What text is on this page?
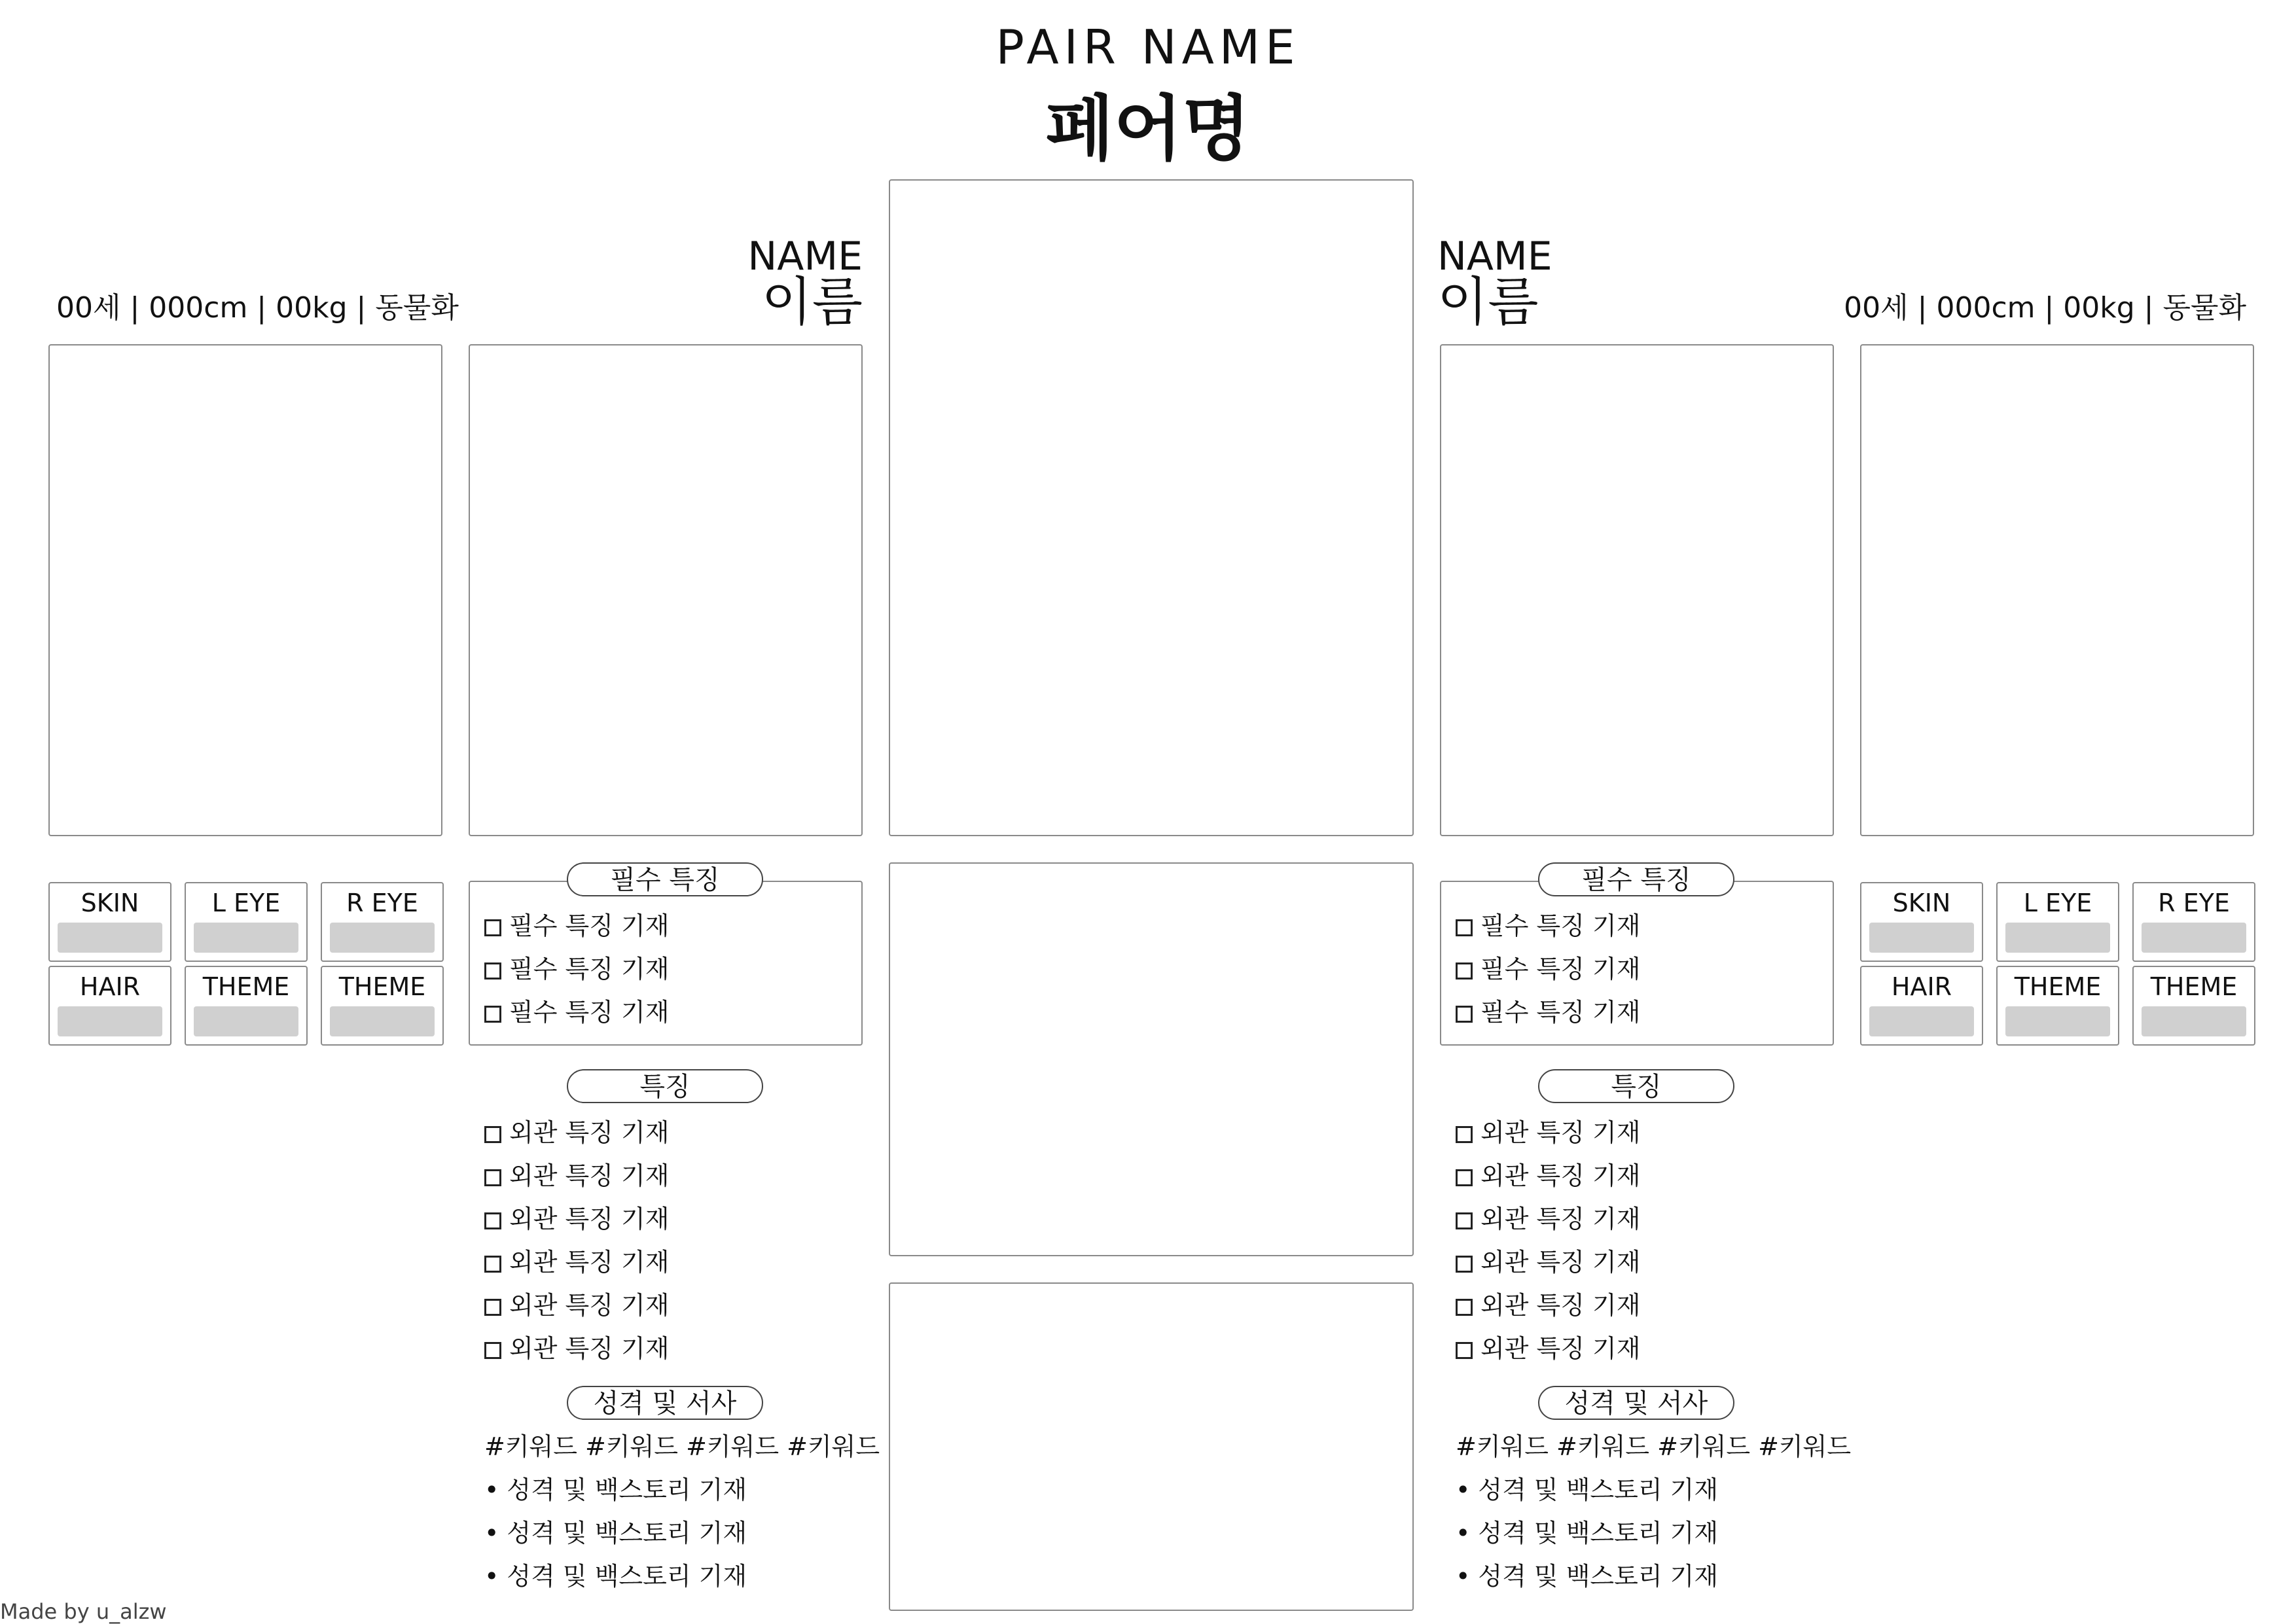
PAIR NAME
페어명
00세 | 000cm | 00kg | 동물화
NAME
이름
SKIN	L EYE	R EYE
HAIR	THEME	THEME
필수 특징
필수 특징 기재
필수 특징 기재
필수 특징 기재
특징
외관 특징 기재
외관 특징 기재
외관 특징 기재
외관 특징 기재
외관 특징 기재
외관 특징 기재
성격 및 서사
#키워드 #키워드 #키워드 #키워드
• 성격 및 백스토리 기재
• 성격 및 백스토리 기재
• 성격 및 백스토리 기재
NAME
이름	00세 | 000cm | 00kg | 동물화
필수 특징
필수 특징 기재
필수 특징 기재
필수 특징 기재
SKIN	L EYE	R EYE
HAIR	THEME	THEME
특징
외관 특징 기재
외관 특징 기재
외관 특징 기재
외관 특징 기재
외관 특징 기재
외관 특징 기재
성격 및 서사
#키워드 #키워드 #키워드 #키워드
• 성격 및 백스토리 기재
• 성격 및 백스토리 기재
• 성격 및 백스토리 기재
Made by u_alzw
